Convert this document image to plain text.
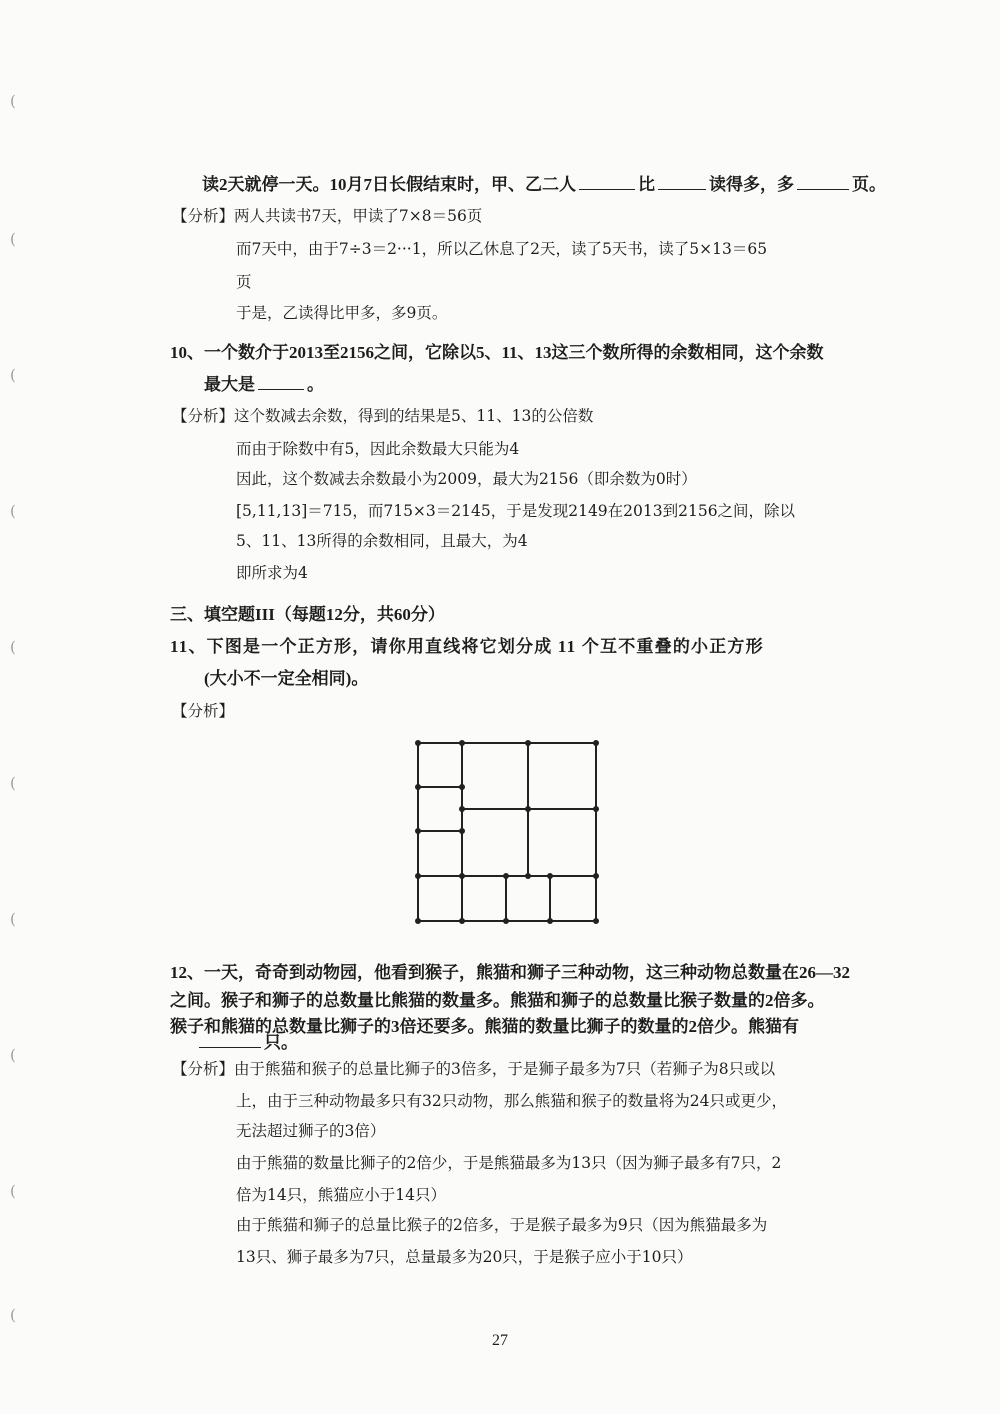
(
(
(
(
(
(
(
(
(
(
读2天就停一天。10月7日长假结束时，甲、乙二人	比	读得多，多	页。
【分析】两人共读书7天，甲读了7×8＝56页
而7天中，由于7÷3＝2···1，所以乙休息了2天，读了5天书，读了5×13＝65
页
于是，乙读得比甲多，多9页。
10、一个数介于2013至2156之间，它除以5、11、13这三个数所得的余数相同，这个余数
最大是	。
【分析】这个数减去余数，得到的结果是5、11、13的公倍数
而由于除数中有5，因此余数最大只能为4
因此，这个数减去余数最小为2009，最大为2156（即余数为0时）
[5,11,13]＝715，而715×3＝2145，于是发现2149在2013到2156之间，除以
5、11、13所得的余数相同，且最大，为4
即所求为4
三、填空题III（每题12分，共60分）
11、下图是一个正方形，请你用直线将它划分成 11 个互不重叠的小正方形
(大小不一定全相同)。
【分析】
12、一天，奇奇到动物园，他看到猴子，熊猫和狮子三种动物，这三种动物总数量在26—32
之间。猴子和狮子的总数量比熊猫的数量多。熊猫和狮子的总数量比猴子数量的2倍多。
猴子和熊猫的总数量比狮子的3倍还要多。熊猫的数量比狮子的数量的2倍少。熊猫有
只。
【分析】由于熊猫和猴子的总量比狮子的3倍多，于是狮子最多为7只（若狮子为8只或以
上，由于三种动物最多只有32只动物，那么熊猫和猴子的数量将为24只或更少，
无法超过狮子的3倍）
由于熊猫的数量比狮子的2倍少，于是熊猫最多为13只（因为狮子最多有7只，2
倍为14只，熊猫应小于14只）
由于熊猫和狮子的总量比猴子的2倍多，于是猴子最多为9只（因为熊猫最多为
13只、狮子最多为7只，总量最多为20只，于是猴子应小于10只）
27
